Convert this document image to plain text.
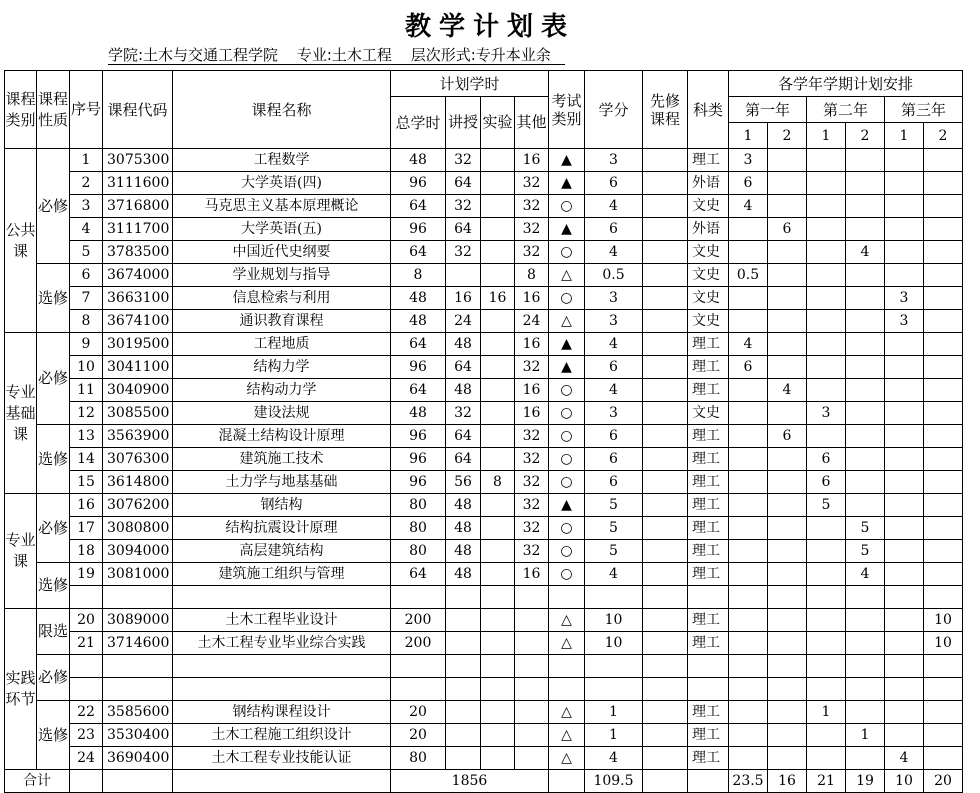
教学计划表
学院:土木与交通工程学院 专业:土木工程 层次形式:专升本业余
课程类别	课程性质	序号	课程代码	课程名称	计划学时				考试类别	学分	先修课程	科类	各学年学期计划安排					
					总学时	讲授	实验	其他					第一年		第二年		第三年	
													1	2	1	2	1	2
公共课	必修	1	3075300	工程数学	48	32		16	▲	3		理工	3					
		2	3111600	大学英语(四)	96	64		32	▲	6		外语	6					
		3	3716800	马克思主义基本原理概论	64	32		32	○	4		文史	4					
		4	3111700	大学英语(五)	96	64		32	▲	6		外语		6				
		5	3783500	中国近代史纲要	64	32		32	○	4		文史				4		
	选修	6	3674000	学业规划与指导	8			8	△	0.5		文史	0.5					
		7	3663100	信息检索与利用	48	16	16	16	○	3		文史					3	
		8	3674100	通识教育课程	48	24		24	△	3		文史					3	
专业基础课	必修	9	3019500	工程地质	64	48		16	▲	4		理工	4					
		10	3041100	结构力学	96	64		32	▲	6		理工	6					
		11	3040900	结构动力学	64	48		16	○	4		理工		4				
		12	3085500	建设法规	48	32		16	○	3		文史			3			
	选修	13	3563900	混凝土结构设计原理	96	64		32	○	6		理工		6				
		14	3076300	建筑施工技术	96	64		32	○	6		理工			6			
		15	3614800	土力学与地基基础	96	56	8	32	○	6		理工			6			
专业课	必修	16	3076200	钢结构	80	48		32	▲	5		理工			5			
		17	3080800	结构抗震设计原理	80	48		32	○	5		理工				5		
		18	3094000	高层建筑结构	80	48		32	○	5		理工				5		
	选修	19	3081000	建筑施工组织与管理	64	48		16	○	4		理工				4		

实践环节	限选	20	3089000	土木工程毕业设计	200				△	10		理工						10
		21	3714600	土木工程专业毕业综合实践	200				△	10		理工						10
	必修																	

	选修	22	3585600	钢结构课程设计	20				△	1		理工			1			
		23	3530400	土木工程施工组织设计	20				△	1		理工				1		
		24	3690400	土木工程专业技能认证	80				△	4		理工					4	
合计					1856					109.5			23.5	16	21	19	10	20
